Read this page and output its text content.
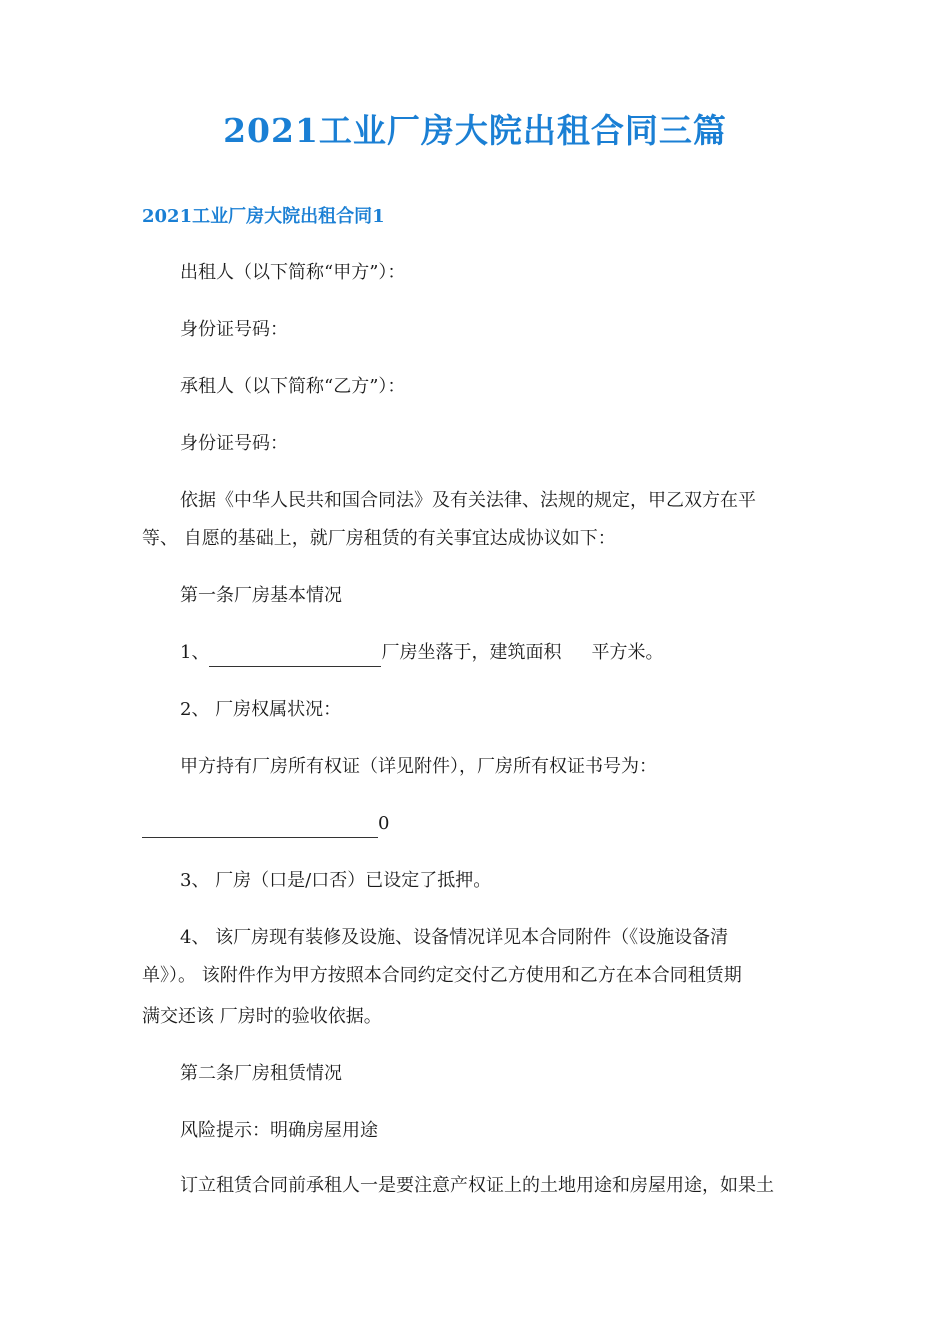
2021工业厂房大院出租合同三篇
2021工业厂房大院出租合同1

出租人（以下简称“甲方”）：

身份证号码：

承租人（以下简称“乙方”）：

身份证号码：

依据《中华人民共和国合同法》及有关法律、法规的规定，甲乙双方在平

等、 自愿的基础上，就厂房租赁的有关事宜达成协议如下：

第一条厂房基本情况

1、	厂房坐落于，建筑面积 平方米。

2、 厂房权属状况：

甲方持有厂房所有权证（详见附件），厂房所有权证书号为：

0

3、 厂房（口是/口否）已设定了抵押。

4、 该厂房现有装修及设施、设备情况详见本合同附件（《设施设备清

单》）。 该附件作为甲方按照本合同约定交付乙方使用和乙方在本合同租赁期

满交还该 厂房时的验收依据。

第二条厂房租赁情况

风险提示：明确房屋用途

订立租赁合同前承租人一是要注意产权证上的土地用途和房屋用途，如果土
